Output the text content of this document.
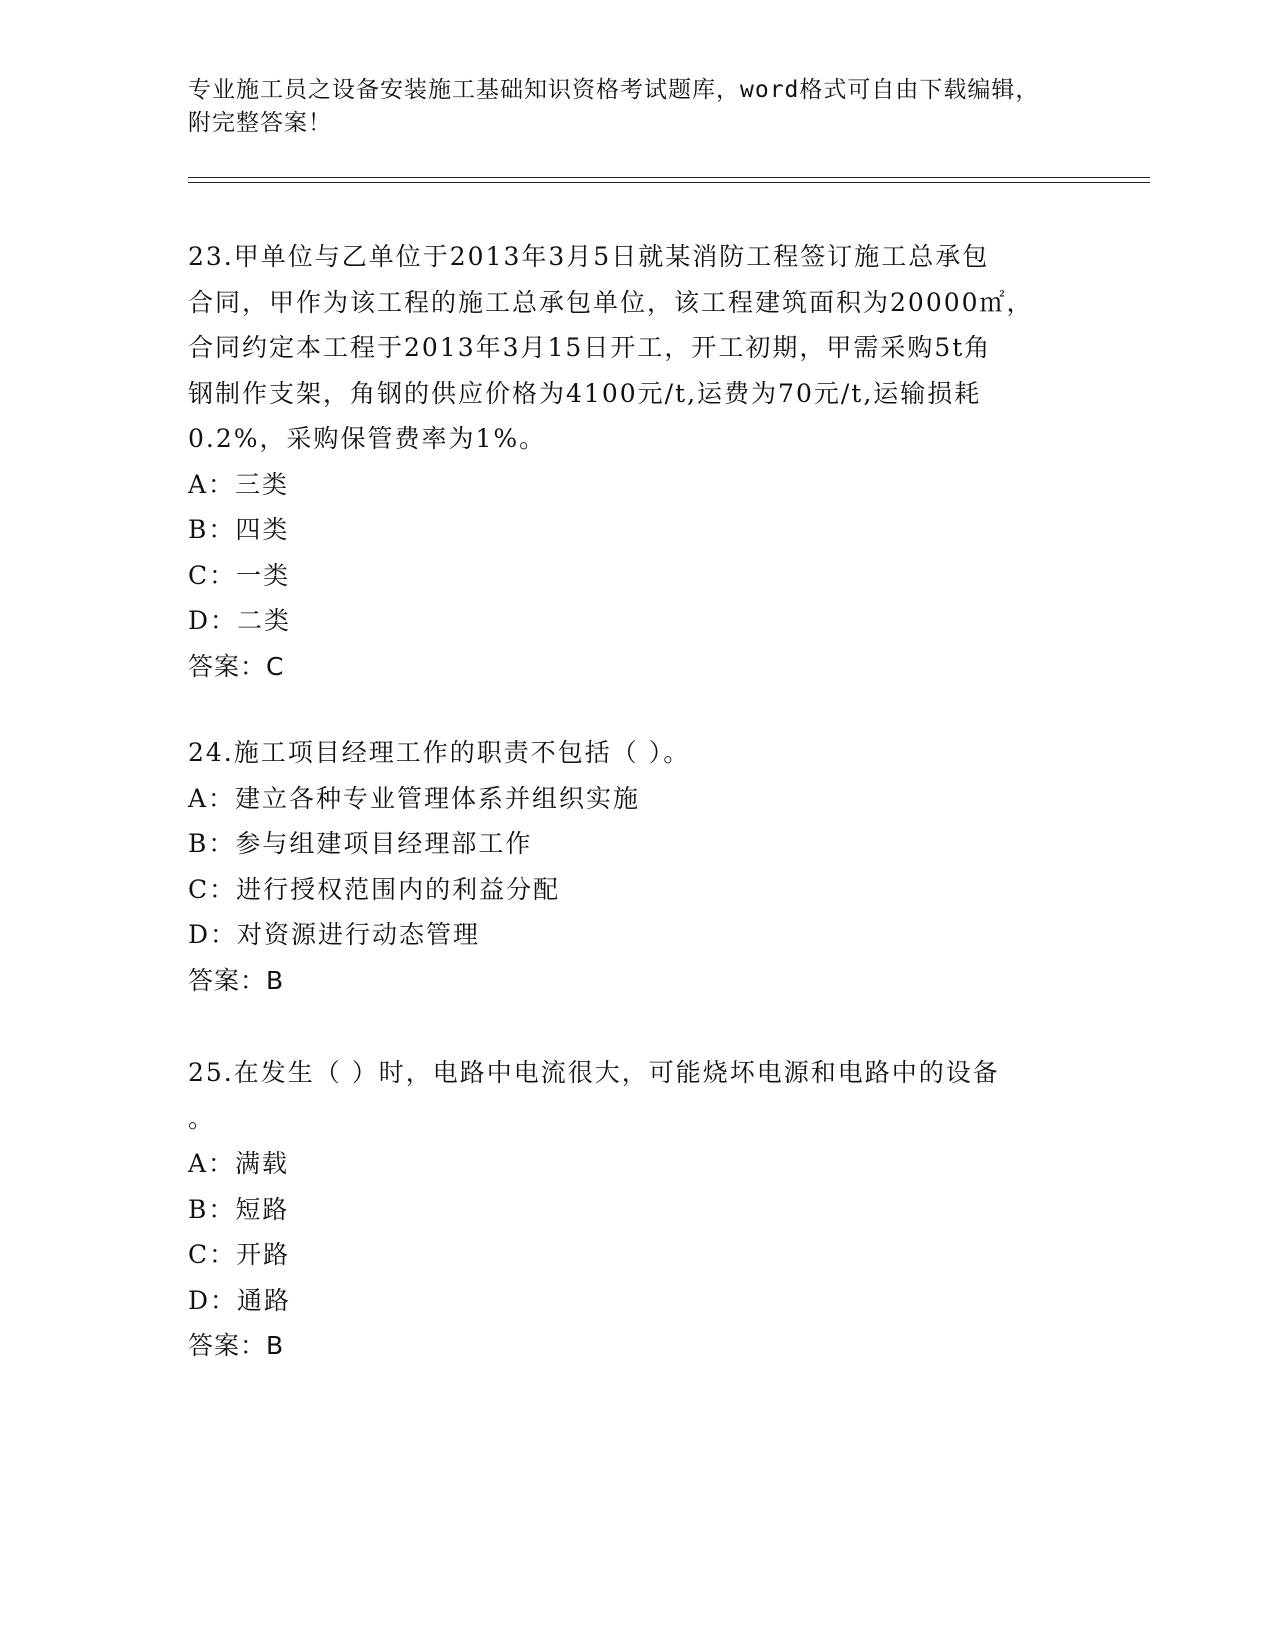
专业施工员之设备安装施工基础知识资格考试题库，word格式可自由下载编辑，
附完整答案！
23.甲单位与乙单位于2013年3月5日就某消防工程签订施工总承包
合同，甲作为该工程的施工总承包单位，该工程建筑面积为20000㎡，
合同约定本工程于2013年3月15日开工，开工初期，甲需采购5t角
钢制作支架，角钢的供应价格为4100元/t,运费为70元/t,运输损耗
0.2%，采购保管费率为1%。
A：三类
B：四类
C：一类
D：二类
答案：C
24.施工项目经理工作的职责不包括（ ）。
A：建立各种专业管理体系并组织实施
B：参与组建项目经理部工作
C：进行授权范围内的利益分配
D：对资源进行动态管理
答案：B
25.在发生（ ）时，电路中电流很大，可能烧坏电源和电路中的设备
。
A：满载
B：短路
C：开路
D：通路
答案：B
